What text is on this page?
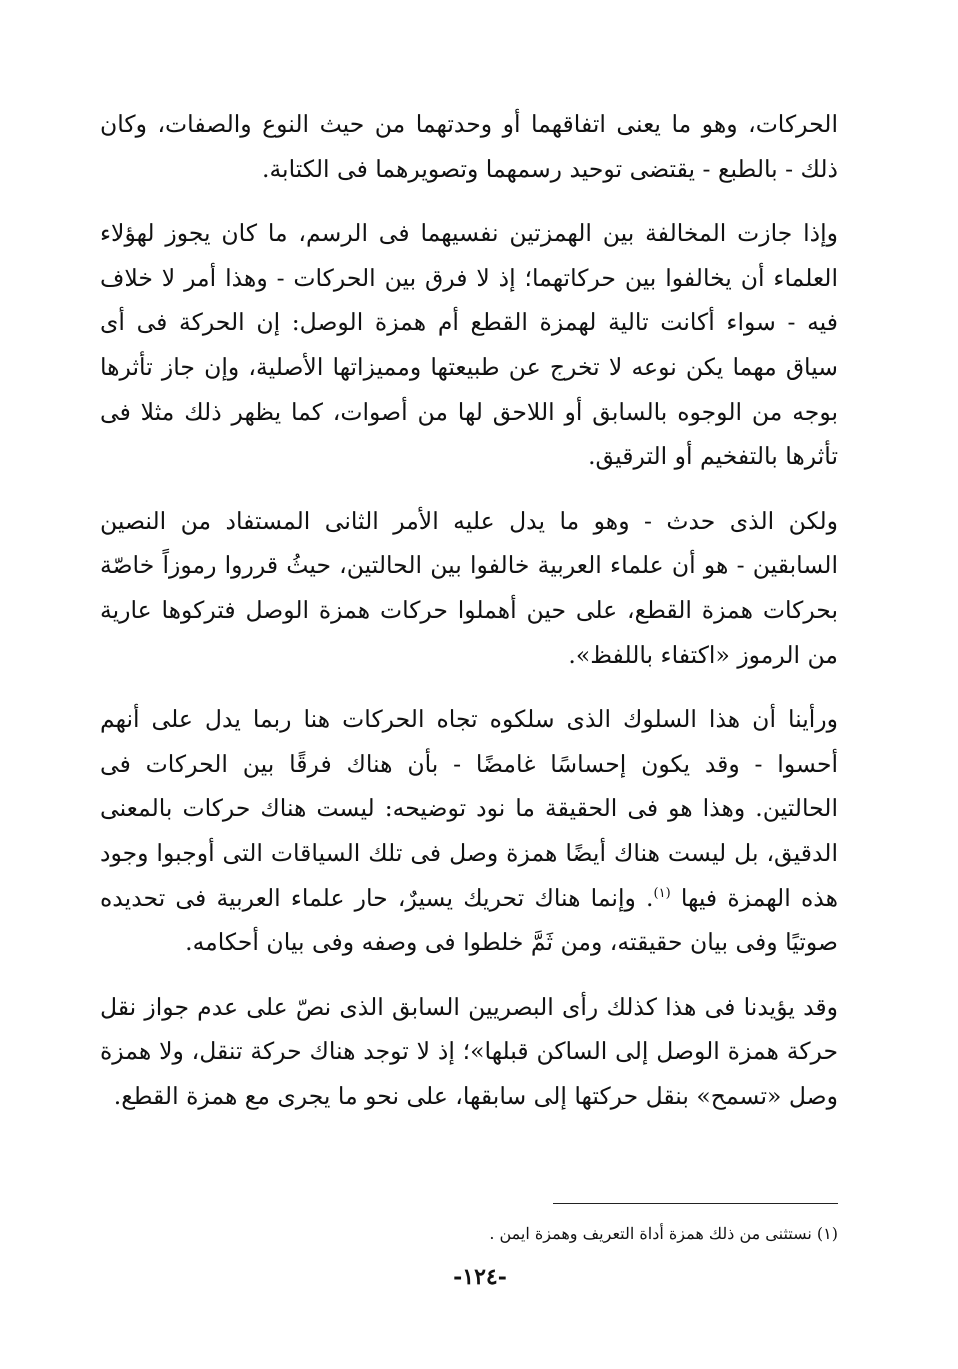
الحركات، وهو ما يعنى اتفاقهما أو وحدتهما من حيث النوع والصفات، وكان ذلك - بالطبع - يقتضى توحيد رسمهما وتصويرهما فى الكتابة.

وإذا جازت المخالفة بين الهمزتين نفسيهما فى الرسم، ما كان يجوز لهؤلاء العلماء أن يخالفوا بين حركاتهما؛ إذ لا فرق بين الحركات - وهذا أمر لا خلاف فيه - سواء أكانت تالية لهمزة القطع أم همزة الوصل: إن الحركة فى أى سياق مهما يكن نوعه لا تخرج عن طبيعتها ومميزاتها الأصلية، وإن جاز تأثرها بوجه من الوجوه بالسابق أو اللاحق لها من أصوات، كما يظهر ذلك مثلا فى تأثرها بالتفخيم أو الترقيق.

ولكن الذى حدث - وهو ما يدل عليه الأمر الثانى المستفاد من النصين السابقين - هو أن علماء العربية خالفوا بين الحالتين، حيثُ قرروا رموزاً خاصّة بحركات همزة القطع، على حين أهملوا حركات همزة الوصل فتركوها عارية من الرموز «اكتفاء باللفظ».

ورأينا أن هذا السلوك الذى سلكوه تجاه الحركات هنا ربما يدل على أنهم أحسوا - وقد يكون إحساسًا غامضًا - بأن هناك فرقًا بين الحركات فى الحالتين. وهذا هو فى الحقيقة ما نود توضيحه: ليست هناك حركات بالمعنى الدقيق، بل ليست هناك أيضًا همزة وصل فى تلك السياقات التى أوجبوا وجود هذه الهمزة فيها $^{(١)}$. وإنما هناك تحريك يسيرٌ، حار علماء العربية فى تحديده صوتيًا وفى بيان حقيقته، ومن ثَمَّ خلطوا فى وصفه وفى بيان أحكامه.

وقد يؤيدنا فى هذا كذلك رأى البصريين السابق الذى نصّ على عدم جواز نقل حركة همزة الوصل إلى الساكن قبلها»؛ إذ لا توجد هناك حركة تنقل، ولا همزة وصل «تسمح» بنقل حركتها إلى سابقها، على نحو ما يجرى مع همزة القطع.

(١) نستثنى من ذلك همزة أداة التعريف وهمزة ايمن .
-١٢٤-
